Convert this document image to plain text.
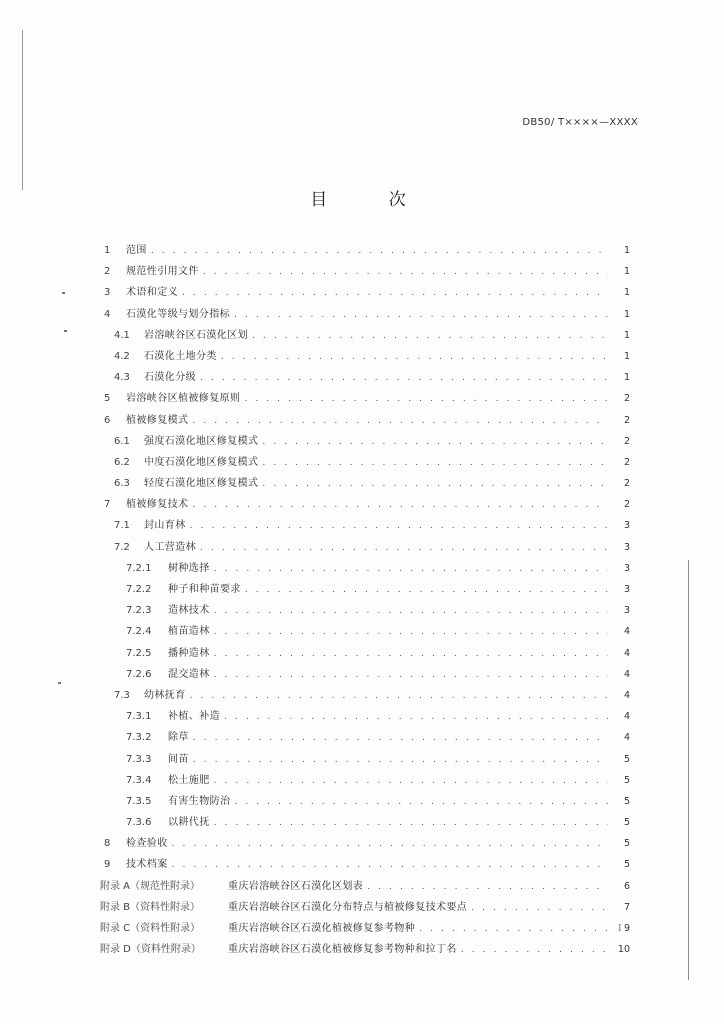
DB50/ T××××—XXXX
目 次
1	范围 . . .	1
2	规范性引用文件 . . .	1
3	术语和定义 . . .	1
4	石漠化等级与划分指标 . . .	1
4.1	岩溶峡谷区石漠化区划 . . .	1
4.2	石漠化土地分类 . . .	1
4.3	石漠化分级 . . .	1
5	岩溶峡谷区植被修复原则 . . .	2
6	植被修复模式 . . .	2
6.1	强度石漠化地区修复模式 . . .	2
6.2	中度石漠化地区修复模式 . . .	2
6.3	轻度石漠化地区修复模式 . . .	2
7	植被修复技术 . . .	2
7.1	封山育林 . . .	3
7.2	人工营造林 . . .	3
7.2.1	树种选择 . . .	3
7.2.2	种子和种苗要求 . . .	3
7.2.3	造林技术 . . .	3
7.2.4	植苗造林 . . .	4
7.2.5	播种造林 . . .	4
7.2.6	混交造林 . . .	4
7.3	幼林抚育 . . .	4
7.3.1	补植、补造 . . .	4
7.3.2	除草 . . .	4
7.3.3	间苗 . . .	5
7.3.4	松土施肥 . . .	5
7.3.5	有害生物防治 . . .	5
7.3.6	以耕代抚 . . .	5
8	检查验收 . . .	5
9	技术档案 . . .	5
附录 A（规范性附录）	重庆岩溶峡谷区石漠化区划表 . . .	6
附录 B（资料性附录）	重庆岩溶峡谷区石漠化分布特点与植被修复技术要点 . . .	7
附录 C（资料性附录）	重庆岩溶峡谷区石漠化植被修复参考物种 . . .	9
附录 D（资料性附录）	重庆岩溶峡谷区石漠化植被修复参考物种和拉丁名 . . .	10
I
